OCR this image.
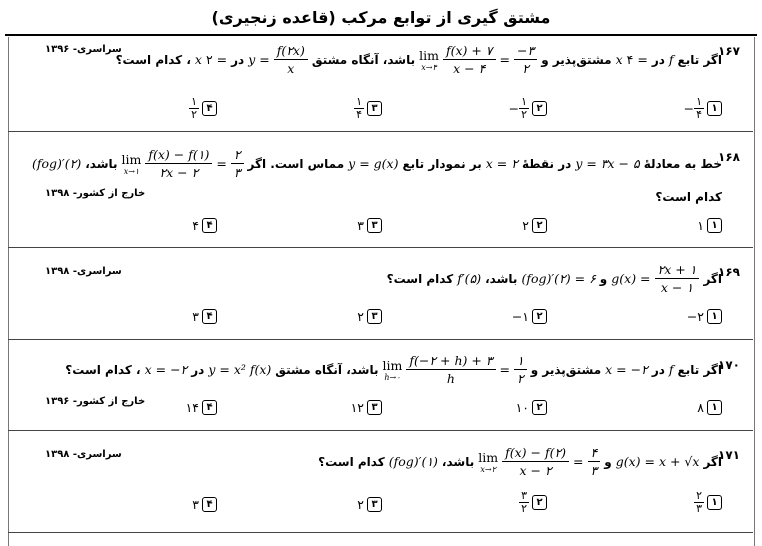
مشتق گیری از توابع مرکب (قاعده زنجیری)
۱۶۷
سراسری- ۱۳۹۶
اگر تابع
f
در
۴ =
x
مشتق‌پذیر و
$\frac{-۳}{۲}$
=
$\frac{f(x) + ۷}{x - ۴}$
lim
x→۴
باشد، آنگاه مشتق
$\frac{f(۲x)}{x}$
y =
در
۲ =
x
، کدام است؟
۱
− ۱
۴
۲
− ۱
۲
۳
۱
۴
۴
۱
۲
۱۶۸
خارج از کشور- ۱۳۹۸
خط به معادلهٔ
y = ۳x − ۵
در نقطهٔ
x = ۲
بر نمودار تابع
y = g(x)
مماس است. اگر
$\frac{۲}{۳}$
=
$\frac{f(x) - f(۱)}{۲x - ۲}$
lim
x→۱
باشد،
(fog)′(۲)
کدام است؟
۱
۱
۲
۲
۳
۳
۴
۴
۱۶۹
سراسری- ۱۳۹۸	اگر
$\frac{۲x + ۱}{x - ۱}$
g(x) =
و
(fog)′(۲) = ۶
باشد،
f′(۵)
کدام است؟
۱
−۲
۲
−۱
۳
۲
۴
۳
۱۷۰
خارج از کشور- ۱۳۹۶
اگر تابع
f
در
x = −۲
مشتق‌پذیر و
$\frac{۱}{۲}$
=
$\frac{f(-۲ + h) + ۳}{h}$
lim
h→۰
باشد، آنگاه مشتق
y = x² f(x)
در
x = −۲
، کدام است؟
۱
۸
۲
۱۰
۳
۱۲
۴
۱۴
۱۷۱
سراسری- ۱۳۹۸	اگر
g(x) = x + √x
و
$\frac{۴}{۳}$
=
$\frac{f(x) - f(۲)}{x - ۲}$
lim
x→۲
باشد،
(fog)′(۱)
کدام است؟
۱
۲
۳
۲
۳
۲
۳
۲
۴
۳
